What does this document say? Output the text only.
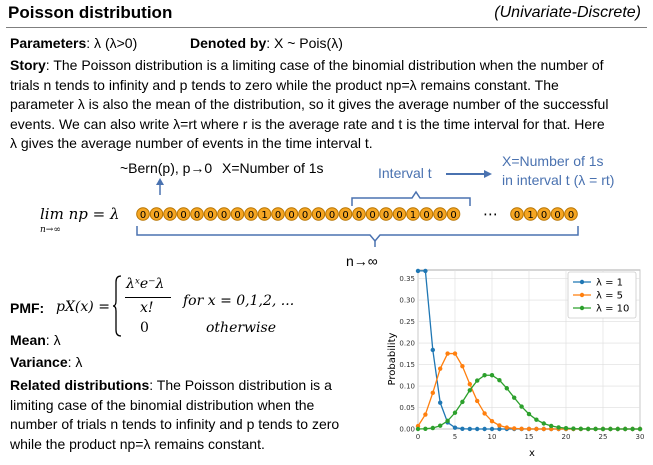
Poisson distribution	(Univariate-Discrete)
Parameters: λ (λ>0)	Denoted by: X ~ Pois(λ)
Story: The Poisson distribution is a limiting case of the binomial distribution when the number of
trials n tends to infinity and p tends to zero while the product np=λ remains constant. The
parameter λ is also the mean of the distribution, so it gives the average number of the successful
events. We can also write λ=rt where r is the average rate and t is the time interval for that. Here
λ gives the average number of events in the time interval t.
~Bern(p), p→0 X=Number of 1s	Interval t
X=Number of 1s
in interval t (λ = rt)
lim np = λ
n→∞
0 0 0 0 0 0 0 0 0 1 0 0 0 0 0 0 0 0 0 0 1 0 0 0 ⋯ 0 1 0 0 0
n→∞
PMF: pX(x) =
λˣe⁻λ
x! for x = 0,1,2, ...
0	otherwise
Mean: λ
Variance: λ
Related distributions: The Poisson distribution is a
limiting case of the binomial distribution when the
number of trials n tends to infinity and p tends to zero
while the product np=λ remains constant.	0	5	10	15	20	25	30
0.00
0.05
0.10
0.15
0.20
0.25
0.30
0.35	λ = 1
λ = 5
λ = 10
x
Probability
